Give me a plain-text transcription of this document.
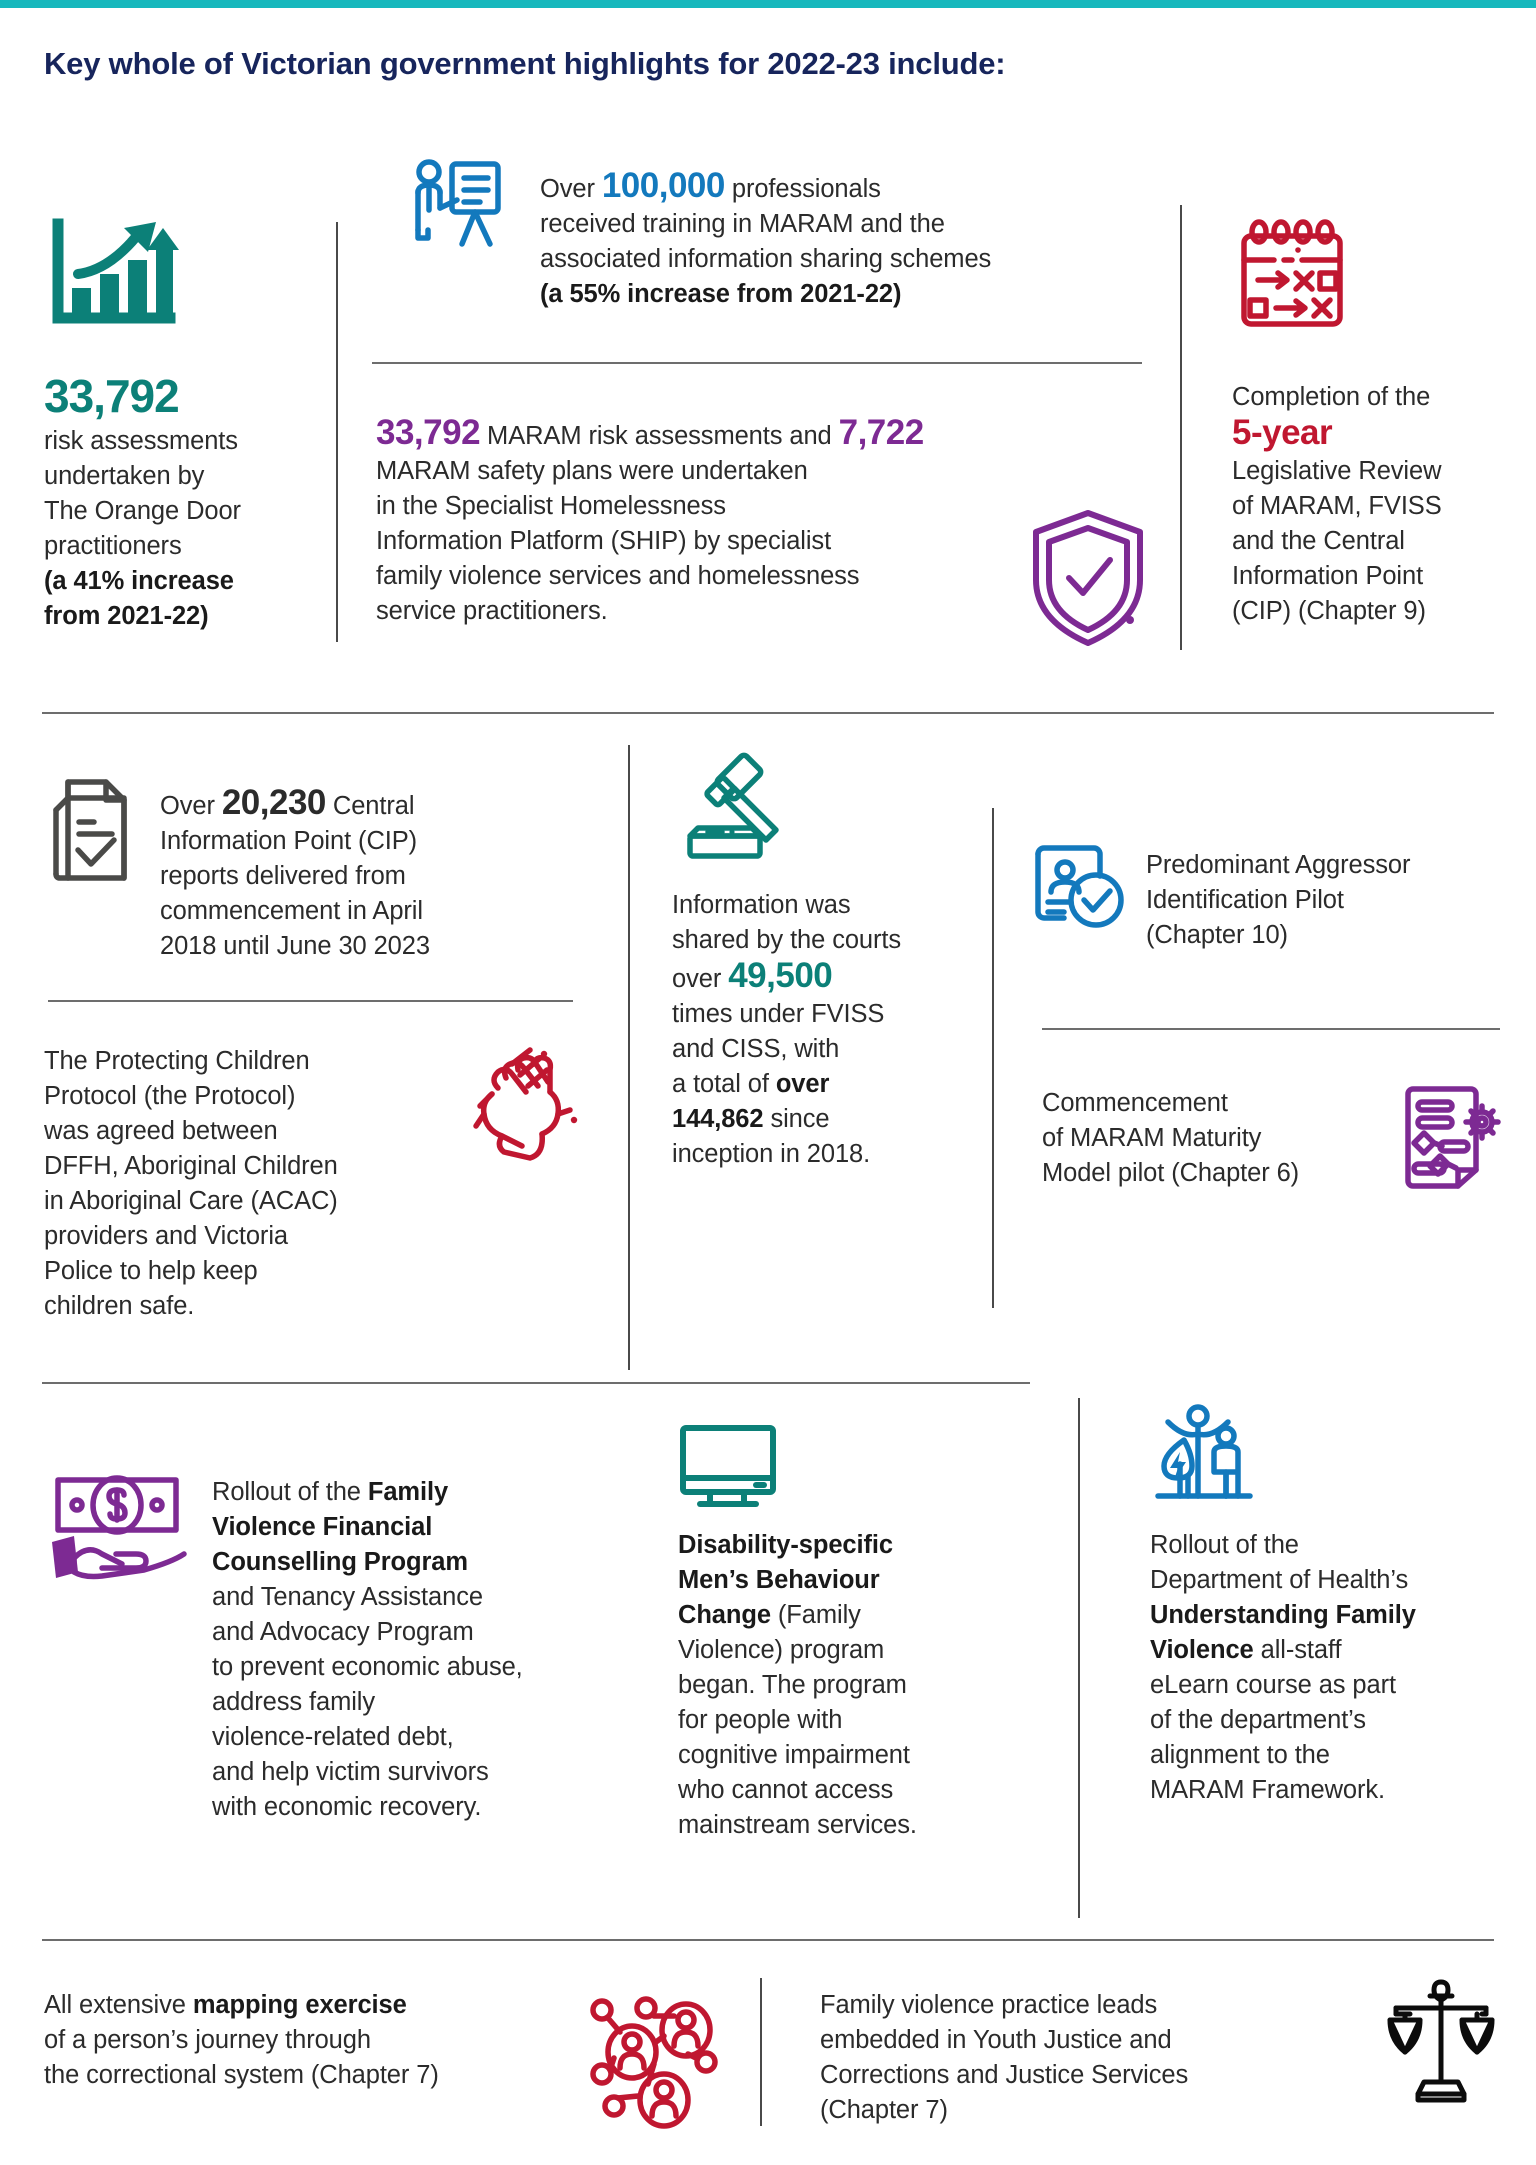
Key whole of Victorian government highlights for 2022-23 include:
33,792
risk assessments
undertaken by
The Orange Door
practitioners
(a 41% increase
from 2021-22)
Over 100,000 professionals
received training in MARAM and the
associated information sharing schemes
(a 55% increase from 2021-22)
33,792 MARAM risk assessments and 7,722
MARAM safety plans were undertaken
in the Specialist Homelessness
Information Platform (SHIP) by specialist
family violence services and homelessness
service practitioners.
Completion of the
5-year
Legislative Review
of MARAM, FVISS
and the Central
Information Point
(CIP) (Chapter 9)
Over 20,230 Central
Information Point (CIP)
reports delivered from
commencement in April
2018 until June 30 2023
The Protecting Children
Protocol (the Protocol)
was agreed between
DFFH, Aboriginal Children
in Aboriginal Care (ACAC)
providers and Victoria
Police to help keep
children safe.
Information was
shared by the courts
over 49,500
times under FVISS
and CISS, with
a total of over
144,862 since
inception in 2018.
Predominant Aggressor
Identification Pilot
(Chapter 10)
Commencement
of MARAM Maturity
Model pilot (Chapter 6)
Rollout of the Family
Violence Financial
Counselling Program
and Tenancy Assistance
and Advocacy Program
to prevent economic abuse,
address family
violence-related debt,
and help victim survivors
with economic recovery.
Disability-specific
Men’s Behaviour
Change (Family
Violence) program
began. The program
for people with
cognitive impairment
who cannot access
mainstream services.
Rollout of the
Department of Health’s
Understanding Family
Violence all-staff
eLearn course as part
of the department’s
alignment to the
MARAM Framework.
All extensive mapping exercise
of a person’s journey through
the correctional system (Chapter 7)
Family violence practice leads
embedded in Youth Justice and
Corrections and Justice Services
(Chapter 7)
